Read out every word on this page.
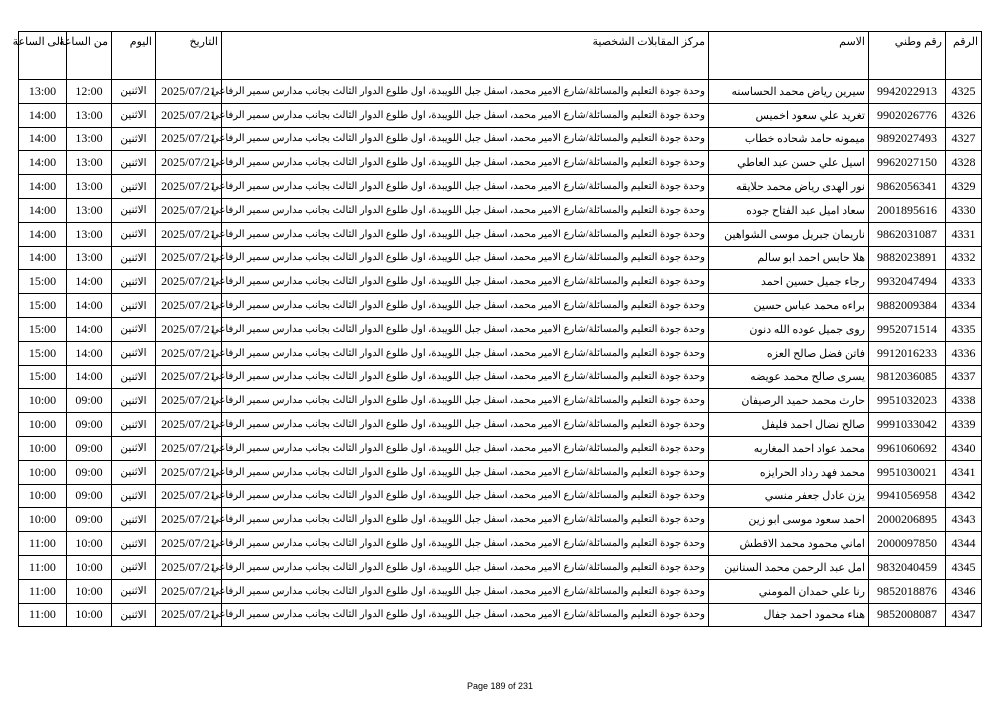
الى الساعة	من الساعة	اليوم	التاريخ	مركز المقابلات الشخصية	الاسم	رقم وطني	الرقم
13:00	12:00	الاثنين	2025/07/21	وحدة جودة التعليم والمسائلة/شارع الامير محمد، اسفل جبل اللويبدة، اول طلوع الدوار الثالث بجانب مدارس سمير الرفاعي	سيرين رياض محمد الحساسنه	9942022913	4325
14:00	13:00	الاثنين	2025/07/21	وحدة جودة التعليم والمسائلة/شارع الامير محمد، اسفل جبل اللويبدة، اول طلوع الدوار الثالث بجانب مدارس سمير الرفاعي	تغريد علي سعود اخميس	9902026776	4326
14:00	13:00	الاثنين	2025/07/21	وحدة جودة التعليم والمسائلة/شارع الامير محمد، اسفل جبل اللويبدة، اول طلوع الدوار الثالث بجانب مدارس سمير الرفاعي	ميمونه حامد شحاده خطاب	9892027493	4327
14:00	13:00	الاثنين	2025/07/21	وحدة جودة التعليم والمسائلة/شارع الامير محمد، اسفل جبل اللويبدة، اول طلوع الدوار الثالث بجانب مدارس سمير الرفاعي	اسيل علي حسن عبد العاطي	9962027150	4328
14:00	13:00	الاثنين	2025/07/21	وحدة جودة التعليم والمسائلة/شارع الامير محمد، اسفل جبل اللويبدة، اول طلوع الدوار الثالث بجانب مدارس سمير الرفاعي	نور الهدى رياض محمد حلايقه	9862056341	4329
14:00	13:00	الاثنين	2025/07/21	وحدة جودة التعليم والمسائلة/شارع الامير محمد، اسفل جبل اللويبدة، اول طلوع الدوار الثالث بجانب مدارس سمير الرفاعي	سعاد اميل عبد الفتاح جوده	2001895616	4330
14:00	13:00	الاثنين	2025/07/21	وحدة جودة التعليم والمسائلة/شارع الامير محمد، اسفل جبل اللويبدة، اول طلوع الدوار الثالث بجانب مدارس سمير الرفاعي	ناريمان جبريل موسى الشواهين	9862031087	4331
14:00	13:00	الاثنين	2025/07/21	وحدة جودة التعليم والمسائلة/شارع الامير محمد، اسفل جبل اللويبدة، اول طلوع الدوار الثالث بجانب مدارس سمير الرفاعي	هلا حابس احمد ابو سالم	9882023891	4332
15:00	14:00	الاثنين	2025/07/21	وحدة جودة التعليم والمسائلة/شارع الامير محمد، اسفل جبل اللويبدة، اول طلوع الدوار الثالث بجانب مدارس سمير الرفاعي	رجاء جميل حسين احمد	9932047494	4333
15:00	14:00	الاثنين	2025/07/21	وحدة جودة التعليم والمسائلة/شارع الامير محمد، اسفل جبل اللويبدة، اول طلوع الدوار الثالث بجانب مدارس سمير الرفاعي	براءه محمد عباس حسين	9882009384	4334
15:00	14:00	الاثنين	2025/07/21	وحدة جودة التعليم والمسائلة/شارع الامير محمد، اسفل جبل اللويبدة، اول طلوع الدوار الثالث بجانب مدارس سمير الرفاعي	روى جميل عوده الله دنون	9952071514	4335
15:00	14:00	الاثنين	2025/07/21	وحدة جودة التعليم والمسائلة/شارع الامير محمد، اسفل جبل اللويبدة، اول طلوع الدوار الثالث بجانب مدارس سمير الرفاعي	فاتن فضل صالح العزه	9912016233	4336
15:00	14:00	الاثنين	2025/07/21	وحدة جودة التعليم والمسائلة/شارع الامير محمد، اسفل جبل اللويبدة، اول طلوع الدوار الثالث بجانب مدارس سمير الرفاعي	يسرى صالح محمد عويضه	9812036085	4337
10:00	09:00	الاثنين	2025/07/21	وحدة جودة التعليم والمسائلة/شارع الامير محمد، اسفل جبل اللويبدة، اول طلوع الدوار الثالث بجانب مدارس سمير الرفاعي	حارث محمد حميد الرصيفان	9951032023	4338
10:00	09:00	الاثنين	2025/07/21	وحدة جودة التعليم والمسائلة/شارع الامير محمد، اسفل جبل اللويبدة، اول طلوع الدوار الثالث بجانب مدارس سمير الرفاعي	صالح نضال احمد فليفل	9991033042	4339
10:00	09:00	الاثنين	2025/07/21	وحدة جودة التعليم والمسائلة/شارع الامير محمد، اسفل جبل اللويبدة، اول طلوع الدوار الثالث بجانب مدارس سمير الرفاعي	محمد عواد احمد المغاربه	9961060692	4340
10:00	09:00	الاثنين	2025/07/21	وحدة جودة التعليم والمسائلة/شارع الامير محمد، اسفل جبل اللويبدة، اول طلوع الدوار الثالث بجانب مدارس سمير الرفاعي	محمد فهد رداد الحرايزه	9951030021	4341
10:00	09:00	الاثنين	2025/07/21	وحدة جودة التعليم والمسائلة/شارع الامير محمد، اسفل جبل اللويبدة، اول طلوع الدوار الثالث بجانب مدارس سمير الرفاعي	يزن عادل جعفر منسي	9941056958	4342
10:00	09:00	الاثنين	2025/07/21	وحدة جودة التعليم والمسائلة/شارع الامير محمد، اسفل جبل اللويبدة، اول طلوع الدوار الثالث بجانب مدارس سمير الرفاعي	احمد سعود موسى ابو زين	2000206895	4343
11:00	10:00	الاثنين	2025/07/21	وحدة جودة التعليم والمسائلة/شارع الامير محمد، اسفل جبل اللويبدة، اول طلوع الدوار الثالث بجانب مدارس سمير الرفاعي	اماني محمود محمد الاقطش	2000097850	4344
11:00	10:00	الاثنين	2025/07/21	وحدة جودة التعليم والمسائلة/شارع الامير محمد، اسفل جبل اللويبدة، اول طلوع الدوار الثالث بجانب مدارس سمير الرفاعي	امل عبد الرحمن محمد السنانين	9832040459	4345
11:00	10:00	الاثنين	2025/07/21	وحدة جودة التعليم والمسائلة/شارع الامير محمد، اسفل جبل اللويبدة، اول طلوع الدوار الثالث بجانب مدارس سمير الرفاعي	رنا علي حمدان المومني	9852018876	4346
11:00	10:00	الاثنين	2025/07/21	وحدة جودة التعليم والمسائلة/شارع الامير محمد، اسفل جبل اللويبدة، اول طلوع الدوار الثالث بجانب مدارس سمير الرفاعي	هناء محمود احمد جفال	9852008087	4347
Page 189 of 231
